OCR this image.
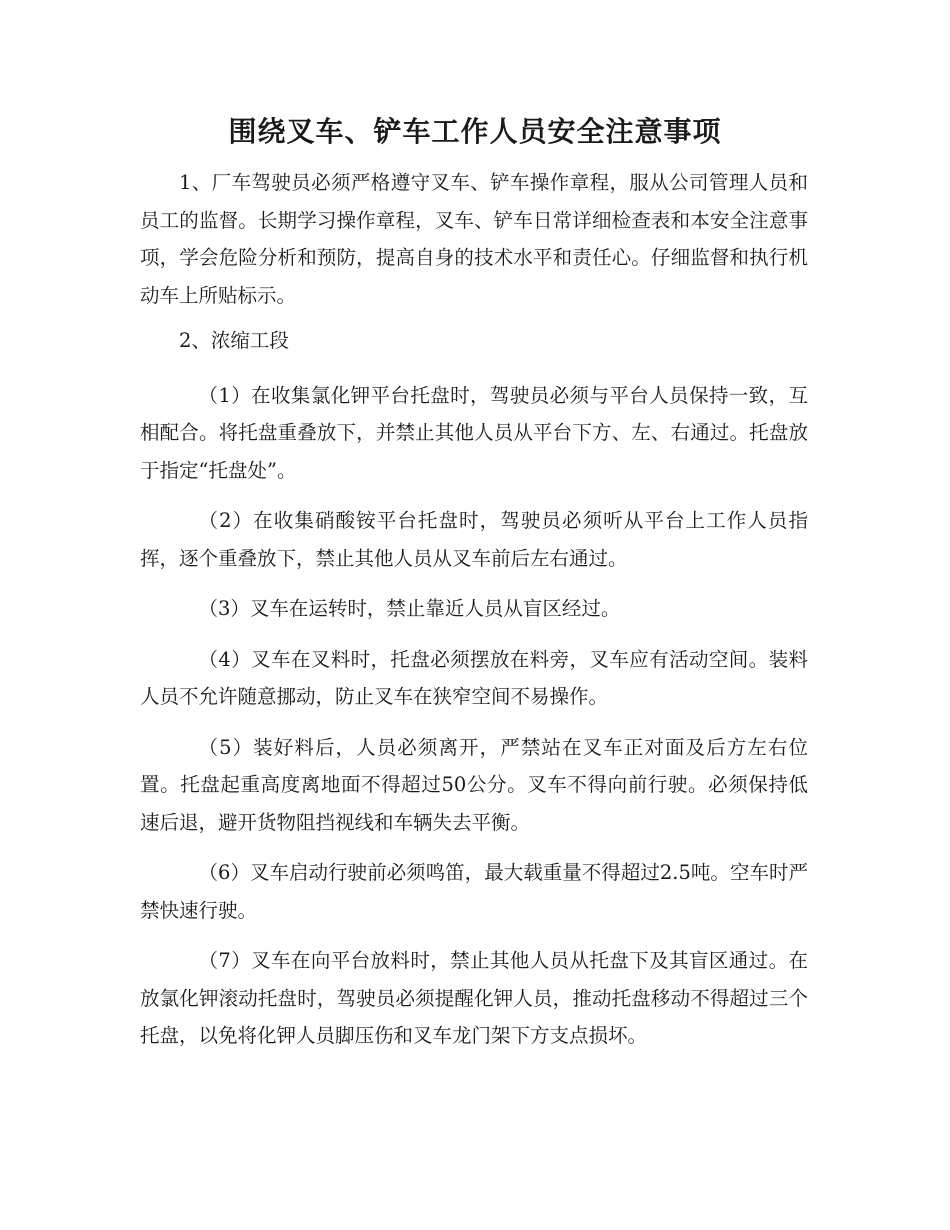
围绕叉车、铲车工作人员安全注意事项

1、厂车驾驶员必须严格遵守叉车、铲车操作章程，服从公司管理人员和员工的监督。长期学习操作章程，叉车、铲车日常详细检查表和本安全注意事项，学会危险分析和预防，提高自身的技术水平和责任心。仔细监督和执行机动车上所贴标示。

2、浓缩工段

（1）在收集氯化钾平台托盘时，驾驶员必须与平台人员保持一致，互相配合。将托盘重叠放下，并禁止其他人员从平台下方、左、右通过。托盘放于指定“托盘处”。

（2）在收集硝酸铵平台托盘时，驾驶员必须听从平台上工作人员指挥，逐个重叠放下，禁止其他人员从叉车前后左右通过。

（3）叉车在运转时，禁止靠近人员从盲区经过。

（4）叉车在叉料时，托盘必须摆放在料旁，叉车应有活动空间。装料人员不允许随意挪动，防止叉车在狭窄空间不易操作。

（5）装好料后，人员必须离开，严禁站在叉车正对面及后方左右位置。托盘起重高度离地面不得超过50公分。叉车不得向前行驶。必须保持低速后退，避开货物阻挡视线和车辆失去平衡。

（6）叉车启动行驶前必须鸣笛，最大载重量不得超过2.5吨。空车时严禁快速行驶。

（7）叉车在向平台放料时，禁止其他人员从托盘下及其盲区通过。在放氯化钾滚动托盘时，驾驶员必须提醒化钾人员，推动托盘移动不得超过三个托盘，以免将化钾人员脚压伤和叉车龙门架下方支点损坏。
